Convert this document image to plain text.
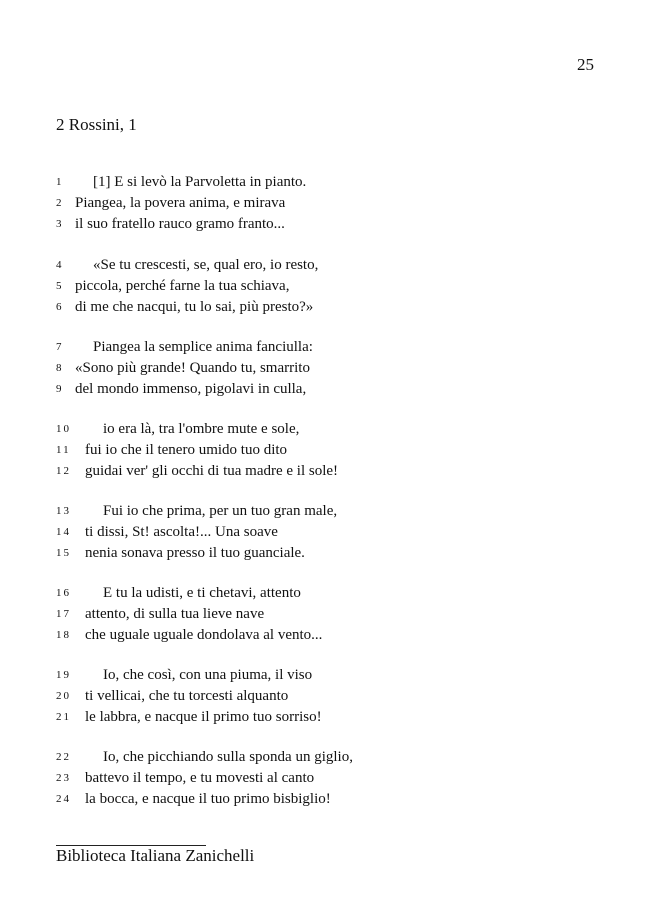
25
2 Rossini, 1
1	[1] E si levò la Parvoletta in pianto.
2 Piangea, la povera anima, e mirava
3 il suo fratello rauco gramo franto...
4	«Se tu crescesti, se, qual ero, io resto,
5 piccola, perché farne la tua schiava,
6 di me che nacqui, tu lo sai, più presto?»
7	Piangea la semplice anima fanciulla:
8 «Sono più grande! Quando tu, smarrito
9 del mondo immenso, pigolavi in culla,
10	io era là, tra l'ombre mute e sole,
11 fui io che il tenero umido tuo dito
12 guidai ver' gli occhi di tua madre e il sole!
13	Fui io che prima, per un tuo gran male,
14 ti dissi, St! ascolta!... Una soave
15 nenia sonava presso il tuo guanciale.
16	E tu la udisti, e ti chetavi, attento
17 attento, di sulla tua lieve nave
18 che uguale uguale dondolava al vento...
19	Io, che così, con una piuma, il viso
20 ti vellicai, che tu torcesti alquanto
21 le labbra, e nacque il primo tuo sorriso!
22	Io, che picchiando sulla sponda un giglio,
23 battevo il tempo, e tu movesti al canto
24 la bocca, e nacque il tuo primo bisbiglio!
Biblioteca Italiana Zanichelli
